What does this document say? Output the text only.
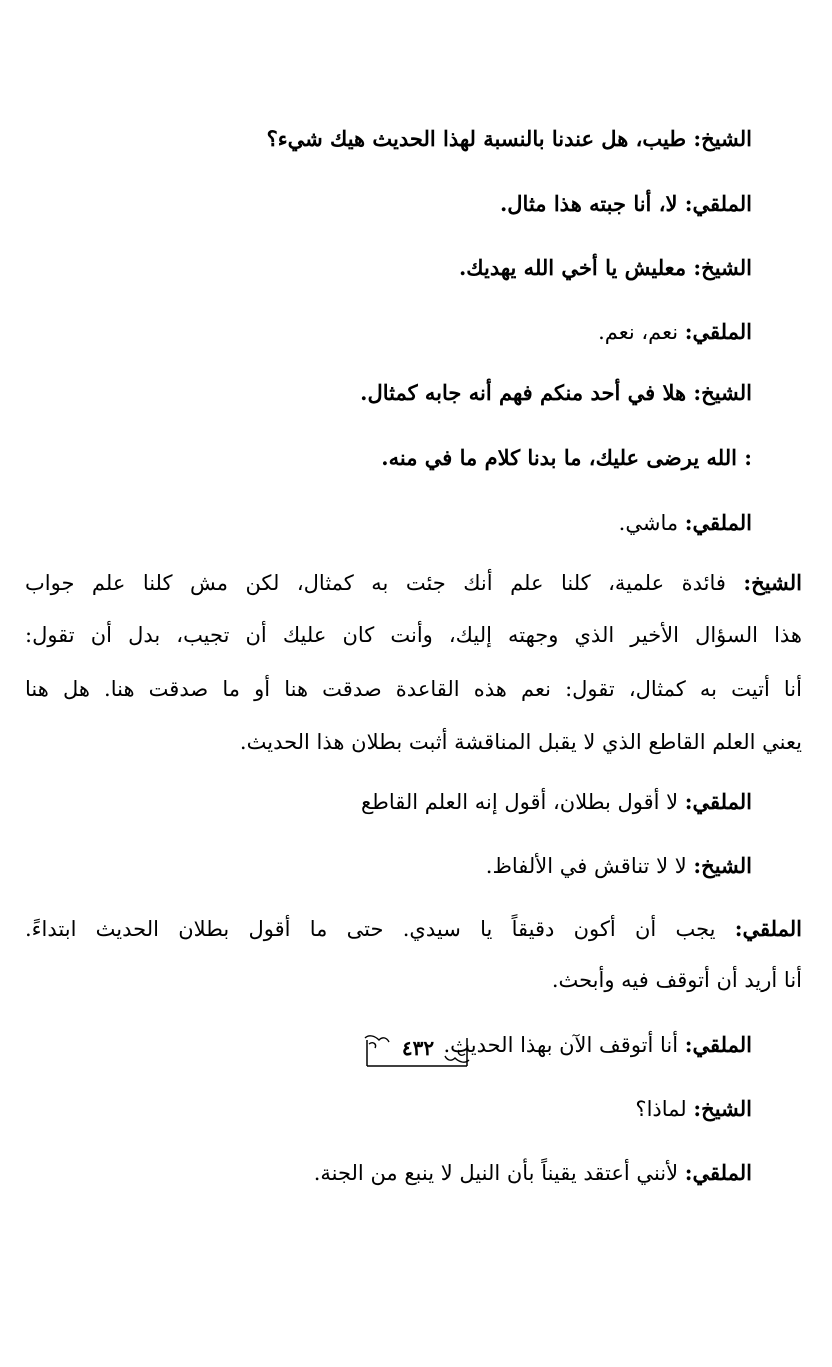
الشيخ: طيب، هل عندنا بالنسبة لهذا الحديث هيك شيء؟
الملقي: لا، أنا جبته هذا مثال.
الشيخ: معليش يا أخي الله يهديك.
الملقي: نعم، نعم.
الشيخ: هلا في أحد منكم فهم أنه جابه كمثال.
: الله يرضى عليك، ما بدنا كلام ما في منه.
الملقي: ماشي.
الشيخ: فائدة علمية، كلنا علم أنك جئت به كمثال، لكن مش كلنا علم جواب
هذا السؤال الأخير الذي وجهته إليك، وأنت كان عليك أن تجيب، بدل أن تقول:
أنا أتيت به كمثال، تقول: نعم هذه القاعدة صدقت هنا أو ما صدقت هنا. هل هنا
يعني العلم القاطع الذي لا يقبل المناقشة أثبت بطلان هذا الحديث.
الملقي: لا أقول بطلان، أقول إنه العلم القاطع
الشيخ: لا لا تناقش في الألفاظ.
الملقي: يجب أن أكون دقيقاً يا سيدي. حتى ما أقول بطلان الحديث ابتداءً.
أنا أريد أن أتوقف فيه وأبحث.
الملقي: أنا أتوقف الآن بهذا الحديث.
الشيخ: لماذا؟
الملقي: لأنني أعتقد يقيناً بأن النيل لا ينبع من الجنة.
٤٣٢
